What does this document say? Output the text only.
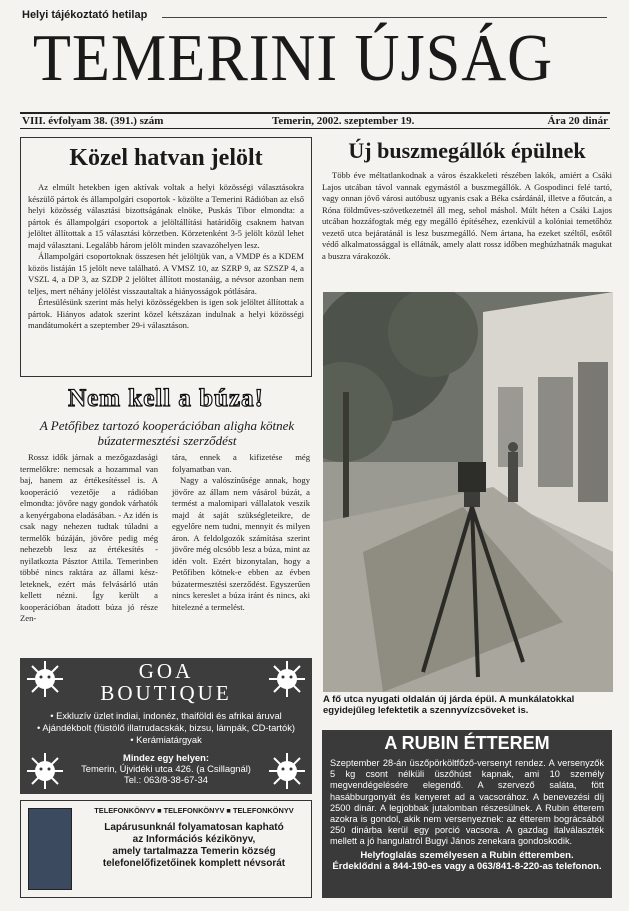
Helyi tájékoztató hetilap
TEMERINI ÚJSÁG
VIII. évfolyam 38. (391.) szám	Temerin, 2002. szeptember 19.	Ára 20 dinár
Közel hatvan jelölt

Az elmúlt hetekben igen aktívak voltak a helyi közösségi választásokra készülő pártok és állampolgári csoportok - közölte a Temerini Rádióban az első helyi közösség választási bizottságának elnöke, Puskás Tibor elmondta: a pártok és állampolgári csoportok a jelöltállítási határidőig csaknem hatvan jelöltet állítottak a 15 választási körzetben. Körzetenként 3-5 jelölt közül lehet majd választani. Legalább három jelölt minden szavazóhelyen lesz.

Állampolgári csoportoknak összesen hét jelöltjük van, a VMDP és a KDEM közös listáján 15 jelölt neve található. A VMSZ 10, az SZRP 9, az SZSZP 4, a VSZL 4, a DP 3, az SZDP 2 jelöltet állított mostanáig, a névsor azonban nem teljes, mert néhány jelölést visszautaltak a hiányosságok pótlására.

Értesülésünk szerint más helyi közösségekben is igen sok jelöltet állítottak a pártok. Hiányos adatok szerint közel kétszázan indulnak a helyi közösségi mandátumokért a szeptember 29-i választáson.

Új buszmegállók épülnek

Több éve méltatlankodnak a város északkeleti részében lakók, amiért a Csáki Lajos utcában távol vannak egymástól a buszmegállók. A Gospodinci felé tartó, vagy onnan jövő városi autóbusz ugyanis csak a Béka csárdánál, illetve a főutcán, a Róna földműves-szövetkezetnél áll meg, sehol máshol. Múlt héten a Csáki Lajos utcában hozzáfogtak még egy megálló építéséhez, ezenkívül a kolóniai temetőhöz vezető utca bejáratánál is lesz buszmegálló. Nem ártana, ha ezeket széltől, esőtől védő alkalmatossággal is ellátnák, amely alatt rossz időben meghúzhatnák magukat a buszra várakozók.

A fő utca nyugati oldalán új járda épül. A munkálatokkal egyidejűleg lefektetik a szennyvízcsöveket is.
Nem kell a búza!
A Petőfibez tartozó kooperációban aligha kötnek búzatermesztési szerződést

Rossz idők járnak a mezőgazdasági termelőkre: nemcsak a hozammal van baj, hanem az értékesítéssel is. A kooperáció vezetője a rádióban elmondta: jövőre nagy gondok várhatók a kenyérgabona eladásában. - Az idén is csak nagy nehezen tudtak túladni a termelők búzáján, jövőre pedig még nehezebb lesz az értékesítés - nyilatkozta Pásztor Attila. Temerinben többé nincs raktára az állami készleteknek, ezért más felvásárló után kellett nézni. Így került a kooperációban átadott búza jó része Zen-

tára, ennek a kifizetése még folyamatban van.

Nagy a valószínűsége annak, hogy jövőre az állam nem vásárol búzát, a termést a malomipari vállalatok veszik majd át saját szükségleteikre, de egyelőre nem tudni, mennyit és milyen áron. A feldolgozók számítása szerint jövőre még olcsóbb lesz a búza, mint az idén volt. Ezért bizonytalan, hogy a Petőfiben kötnek-e ebben az évben búzatermesztési szerződést. Egyszerűen nincs kereslet a búza iránt és nincs, aki hitelezné a termelést.

GOA
BOUTIQUE
• Exkluzív üzlet indiai, indonéz, thaiföldi és afrikai áruval
• Ajándékbolt (füstölő illatrudacskák, bizsu, lámpák, CD-tartók)
• Kerámiatárgyak
Mindez egy helyen:
Temerin, Újvidéki utca 426. (a Csillagnál)
Tel.: 063/8-38-67-34
TELEFONKÖNYV ■ TELEFONKÖNYV ■ TELEFONKÖNYV
Lapárusunknál folyamatosan kapható
az Információs kézikönyv,
amely tartalmazza Temerin község
telefonelőfizetőinek komplett névsorát
A RUBIN ÉTTEREM
Szeptember 28-án üszőpörköltfőző-versenyt rendez. A versenyzők 5 kg csont nélküli üszőhúst kapnak, ami 10 személy megvendégelésére elegendő. A szervező saláta, fött hasábburgonyát és kenyeret ad a vacsorához. A benevezési díj 2500 dinár. A legjobbak jutalomban részesülnek. A Rubin étterem azokra is gondol, akik nem versenyeznek: az étterem bográcsából 250 dinárba kerül egy porció vacsora. A gazdag italválaszték mellett a jó hangulatról Bugyi János zenekara gondoskodik.
Helyfoglalás személyesen a Rubin étteremben.
Érdeklődni a 844-190-es vagy a 063/841-8-220-as telefonon.
